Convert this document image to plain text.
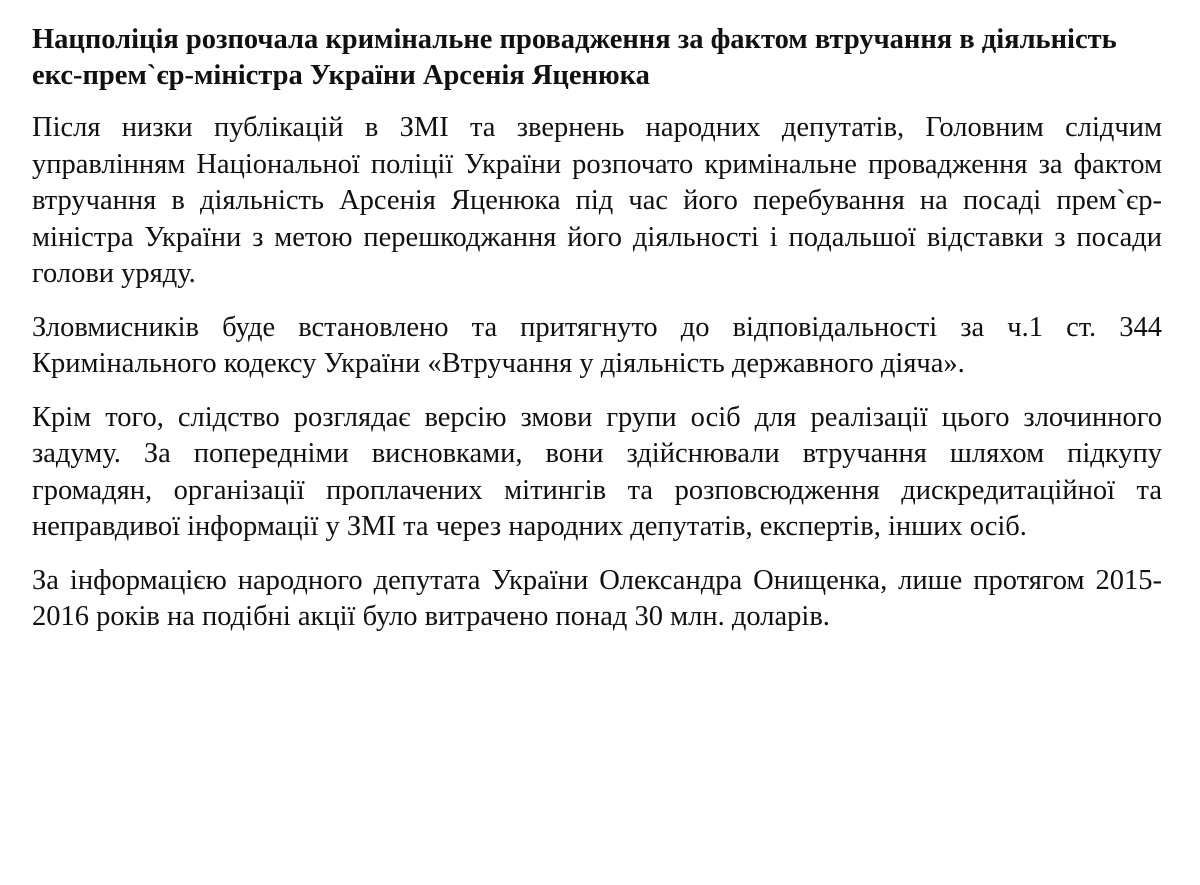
Нацполіція розпочала кримінальне провадження за фактом втручання в діяльність екс-прем`єр-міністра України Арсенія Яценюка

Після низки публікацій в ЗМІ та звернень народних депутатів, Головним слідчим управлінням Національної поліції України розпочато кримінальне провадження за фактом втручання в діяльність Арсенія Яценюка під час його перебування на посаді прем`єр-міністра України з метою перешкоджання його діяльності і подальшої відставки з посади голови уряду.

Зловмисників буде встановлено та притягнуто до відповідальності за ч.1 ст. 344 Кримінального кодексу України «Втручання у діяльність державного діяча».

Крім того, слідство розглядає версію змови групи осіб для реалізації цього злочинного задуму. За попередніми висновками, вони здійснювали втручання шляхом підкупу громадян, організації проплачених мітингів та розповсюдження дискредитаційної та неправдивої інформації у ЗМІ та через народних депутатів, експертів, інших осіб.

За інформацією народного депутата України Олександра Онищенка, лише протягом 2015- 2016 років на подібні акції було витрачено понад 30 млн. доларів.
